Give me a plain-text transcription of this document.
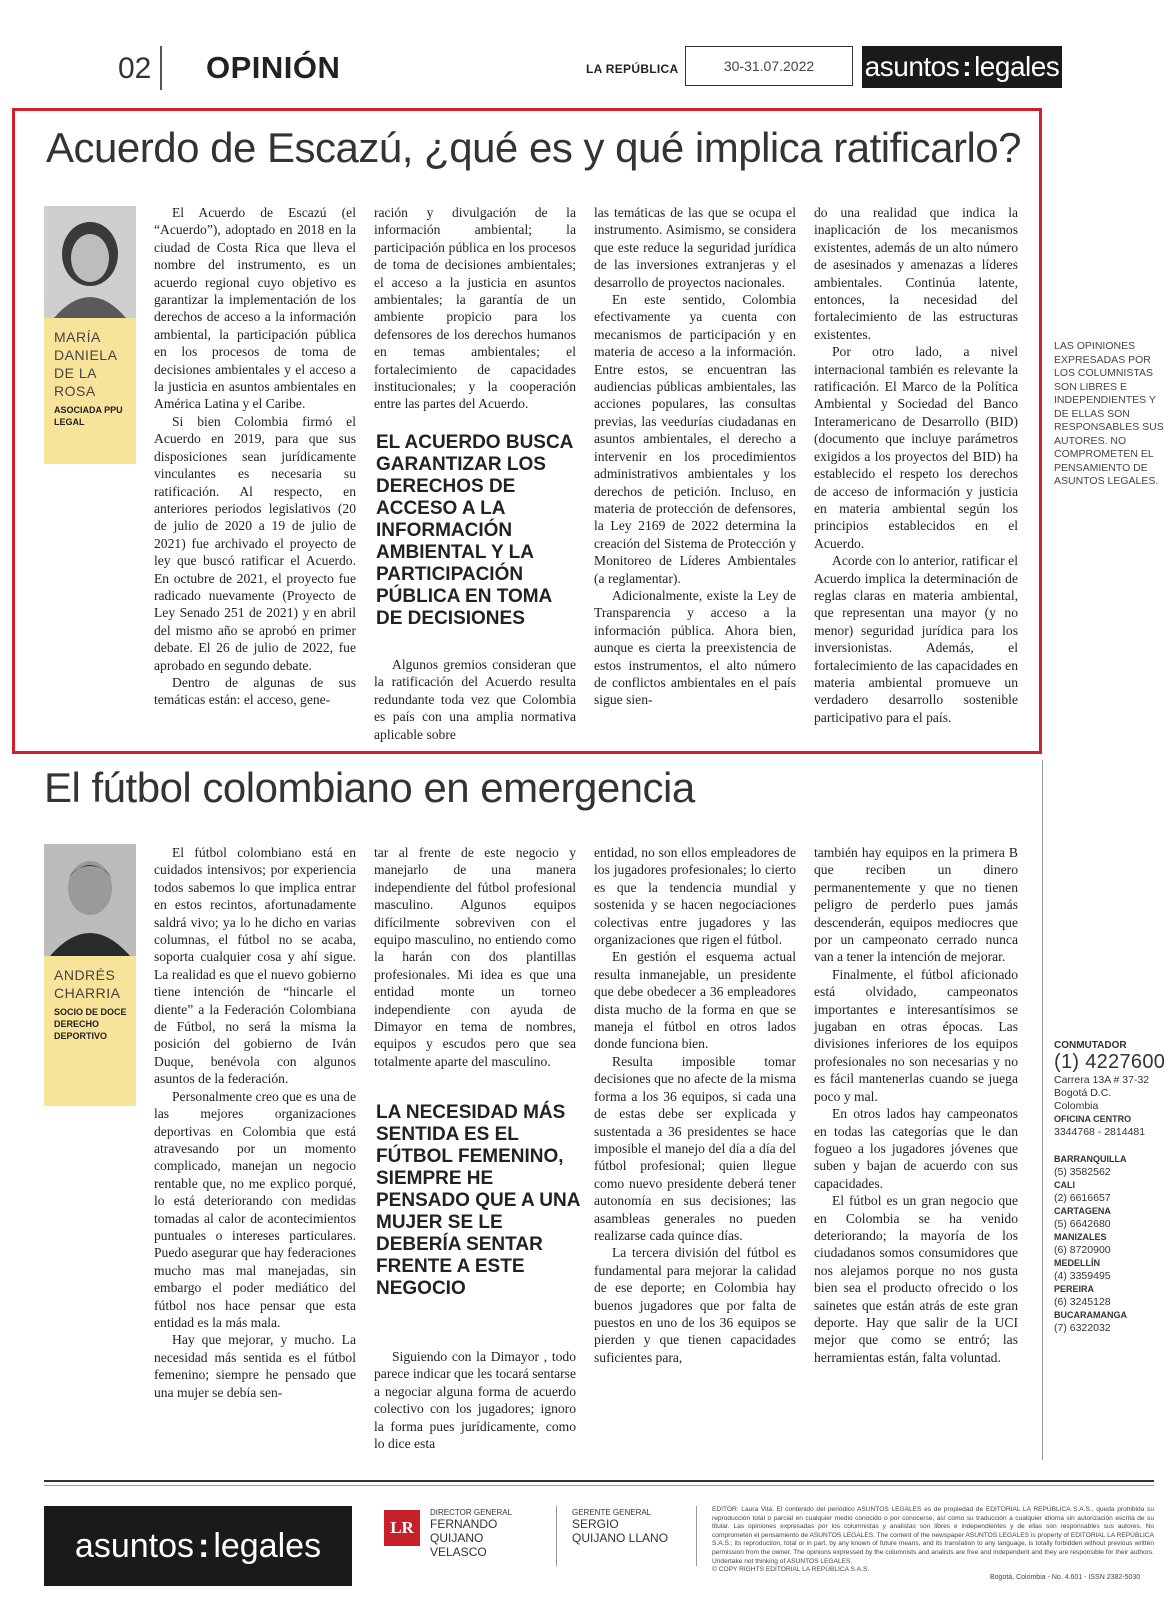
02 OPINIÓN	LA REPÚBLICA	30-31.07.2022	asuntos : legales
Acuerdo de Escazú, ¿qué es y qué implica ratificarlo?
MARÍA DANIELA DE LA ROSA
ASOCIADA PPU LEGAL

El Acuerdo de Escazú (el “Acuerdo”), adoptado en 2018 en la ciudad de Costa Rica que lleva el nombre del instrumento, es un acuerdo regional cuyo objetivo es garantizar la implementación de los derechos de acceso a la información ambiental, la participación pública en los procesos de toma de decisiones ambientales y el acceso a la justicia en asuntos ambientales en América Latina y el Caribe.

Si bien Colombia firmó el Acuerdo en 2019, para que sus disposiciones sean jurídicamente vinculantes es necesaria su ratificación. Al respecto, en anteriores periodos legislativos (20 de julio de 2020 a 19 de julio de 2021) fue archivado el proyecto de ley que buscó ratificar el Acuerdo. En octubre de 2021, el proyecto fue radicado nuevamente (Proyecto de Ley Senado 251 de 2021) y en abril del mismo año se aprobó en primer debate. El 26 de julio de 2022, fue aprobado en segundo debate.

Dentro de algunas de sus temáticas están: el acceso, gene-

ración y divulgación de la información ambiental; la participación pública en los procesos de toma de decisiones ambientales; el acceso a la justicia en asuntos ambientales; la garantía de un ambiente propicio para los defensores de los derechos humanos en temas ambientales; el fortalecimiento de capacidades institucionales; y la cooperación entre las partes del Acuerdo.

EL ACUERDO BUSCA GARANTIZAR LOS DERECHOS DE ACCESO A LA INFORMACIÓN AMBIENTAL Y LA PARTICIPACIÓN PÚBLICA EN TOMA DE DECISIONES

Algunos gremios consideran que la ratificación del Acuerdo resulta redundante toda vez que Colombia es país con una amplia normativa aplicable sobre

las temáticas de las que se ocupa el instrumento. Asimismo, se considera que este reduce la seguridad jurídica de las inversiones extranjeras y el desarrollo de proyectos nacionales.

En este sentido, Colombia efectivamente ya cuenta con mecanismos de participación y en materia de acceso a la información. Entre estos, se encuentran las audiencias públicas ambientales, las acciones populares, las consultas previas, las veedurías ciudadanas en asuntos ambientales, el derecho a intervenir en los procedimientos administrativos ambientales y los derechos de petición. Incluso, en materia de protección de defensores, la Ley 2169 de 2022 determina la creación del Sistema de Protección y Monitoreo de Líderes Ambientales (a reglamentar).

Adicionalmente, existe la Ley de Transparencia y acceso a la información pública. Ahora bien, aunque es cierta la preexistencia de estos instrumentos, el alto número de conflictos ambientales en el país sigue sien-

do una realidad que indica la inaplicación de los mecanismos existentes, además de un alto número de asesinados y amenazas a líderes ambientales. Continúa latente, entonces, la necesidad del fortalecimiento de las estructuras existentes.

Por otro lado, a nivel internacional también es relevante la ratificación. El Marco de la Política Ambiental y Sociedad del Banco Interamericano de Desarrollo (BID) (documento que incluye parámetros exigidos a los proyectos del BID) ha establecido el respeto los derechos de acceso de información y justicia en materia ambiental según los principios establecidos en el Acuerdo.

Acorde con lo anterior, ratificar el Acuerdo implica la determinación de reglas claras en materia ambiental, que representan una mayor (y no menor) seguridad jurídica para los inversionistas. Además, el fortalecimiento de las capacidades en materia ambiental promueve un verdadero desarrollo sostenible participativo para el país.

LAS OPINIONES EXPRESADAS POR LOS COLUMNISTAS SON LIBRES E INDEPENDIENTES Y DE ELLAS SON RESPONSABLES SUS AUTORES. NO COMPROMETEN EL PENSAMIENTO DE ASUNTOS LEGALES.
El fútbol colombiano en emergencia
ANDRÉS CHARRIA
SOCIO DE DOCE DERECHO DEPORTIVO

El fútbol colombiano está en cuidados intensivos; por experiencia todos sabemos lo que implica entrar en estos recintos, afortunadamente saldrá vivo; ya lo he dicho en varias columnas, el fútbol no se acaba, soporta cualquier cosa y ahí sigue. La realidad es que el nuevo gobierno tiene intención de “hincarle el diente” a la Federación Colombiana de Fútbol, no será la misma la posición del gobierno de Iván Duque, benévola con algunos asuntos de la federación.

Personalmente creo que es una de las mejores organizaciones deportivas en Colombia que está atravesando por un momento complicado, manejan un negocio rentable que, no me explico porqué, lo está deteriorando con medidas tomadas al calor de acontecimientos puntuales o intereses particulares. Puedo asegurar que hay federaciones mucho mas mal manejadas, sin embargo el poder mediático del fútbol nos hace pensar que esta entidad es la más mala.

Hay que mejorar, y mucho. La necesidad más sentida es el fútbol femenino; siempre he pensado que una mujer se debía sen-

tar al frente de este negocio y manejarlo de una manera independiente del fútbol profesional masculino. Algunos equipos difícilmente sobreviven con el equipo masculino, no entiendo como la harán con dos plantillas profesionales. Mi idea es que una entidad monte un torneo independiente con ayuda de Dimayor en tema de nombres, equipos y escudos pero que sea totalmente aparte del masculino.

LA NECESIDAD MÁS SENTIDA ES EL FÚTBOL FEMENINO, SIEMPRE HE PENSADO QUE A UNA MUJER SE LE DEBERÍA SENTAR FRENTE A ESTE NEGOCIO

Siguiendo con la Dimayor , todo parece indicar que les tocará sentarse a negociar alguna forma de acuerdo colectivo con los jugadores; ignoro la forma pues jurídicamente, como lo dice esta

entidad, no son ellos empleadores de los jugadores profesionales; lo cierto es que la tendencia mundial y sostenida y se hacen negociaciones colectivas entre jugadores y las organizaciones que rigen el fútbol.

En gestión el esquema actual resulta inmanejable, un presidente que debe obedecer a 36 empleadores dista mucho de la forma en que se maneja el fútbol en otros lados donde funciona bien.

Resulta imposible tomar decisiones que no afecte de la misma forma a los 36 equipos, si cada una de estas debe ser explicada y sustentada a 36 presidentes se hace imposible el manejo del día a día del fútbol profesional; quien llegue como nuevo presidente deberá tener autonomía en sus decisiones; las asambleas generales no pueden realizarse cada quince días.

La tercera división del fútbol es fundamental para mejorar la calidad de ese deporte; en Colombia hay buenos jugadores que por falta de puestos en uno de los 36 equipos se pierden y que tienen capacidades suficientes para,

también hay equipos en la primera B que reciben un dinero permanentemente y que no tienen peligro de perderlo pues jamás descenderán, equipos mediocres que por un campeonato cerrado nunca van a tener la intención de mejorar.

Finalmente, el fútbol aficionado está olvidado, campeonatos importantes e interesantísimos se jugaban en otras épocas. Las divisiones inferiores de los equipos profesionales no son necesarias y no es fácil mantenerlas cuando se juega poco y mal.

En otros lados hay campeonatos en todas las categorías que le dan fogueo a los jugadores jóvenes que suben y bajan de acuerdo con sus capacidades.

El fútbol es un gran negocio que en Colombia se ha venido deteriorando; la mayoría de los ciudadanos somos consumidores que nos alejamos porque no nos gusta bien sea el producto ofrecido o los sainetes que están atrás de este gran deporte. Hay que salir de la UCI mejor que como se entró; las herramientas están, falta voluntad.

CONMUTADOR
(1) 4227600
Carrera 13A # 37-32
Bogotá D.C.
Colombia
OFICINA CENTRO
3344768 - 2814481
BARRANQUILLA
(5) 3582562
CALI
(2) 6616657
CARTAGENA
(5) 6642680
MANIZALES
(6) 8720900
MEDELLÍN
(4) 3359495
PEREIRA
(6) 3245128
BUCARAMANGA
(7) 6322032
asuntos : legales	LR
DIRECTOR GENERAL
FERNANDO QUIJANO VELASCO
GERENTE GENERAL
SERGIO QUIJANO LLANO
EDITOR: Laura Vita. El contenido del periódico ASUNTOS LEGALES es de propiedad de EDITORIAL LA REPÚBLICA S.A.S., queda prohibida su reproducción total o parcial en cualquier medio conocido o por conocerse, así como su traducción a cualquier idioma sin autorización escrita de su titular. Las opiniones expresadas por los columnistas y analistas son libres e independientes y de ellas son responsables sus autores. No comprometen el pensamiento de ASUNTOS LEGALES. The content of the newspaper ASUNTOS LEGALES is property of EDITORIAL LA REPÚBLICA S.A.S.; its reproduction, total or in part, by any known of future means, and its translation to any language, is totally forbidden without previous written permission from the owner. The opinions expressed by the columnists and analists are free and independent and they are responsible for their authors. Undertake not thinking of ASUNTOS LEGALES.
© COPY RIGHTS EDITORIAL LA REPÚBLICA S.A.S.
Bogotá, Colombia - No. 4.601 - ISSN 2382-5030
